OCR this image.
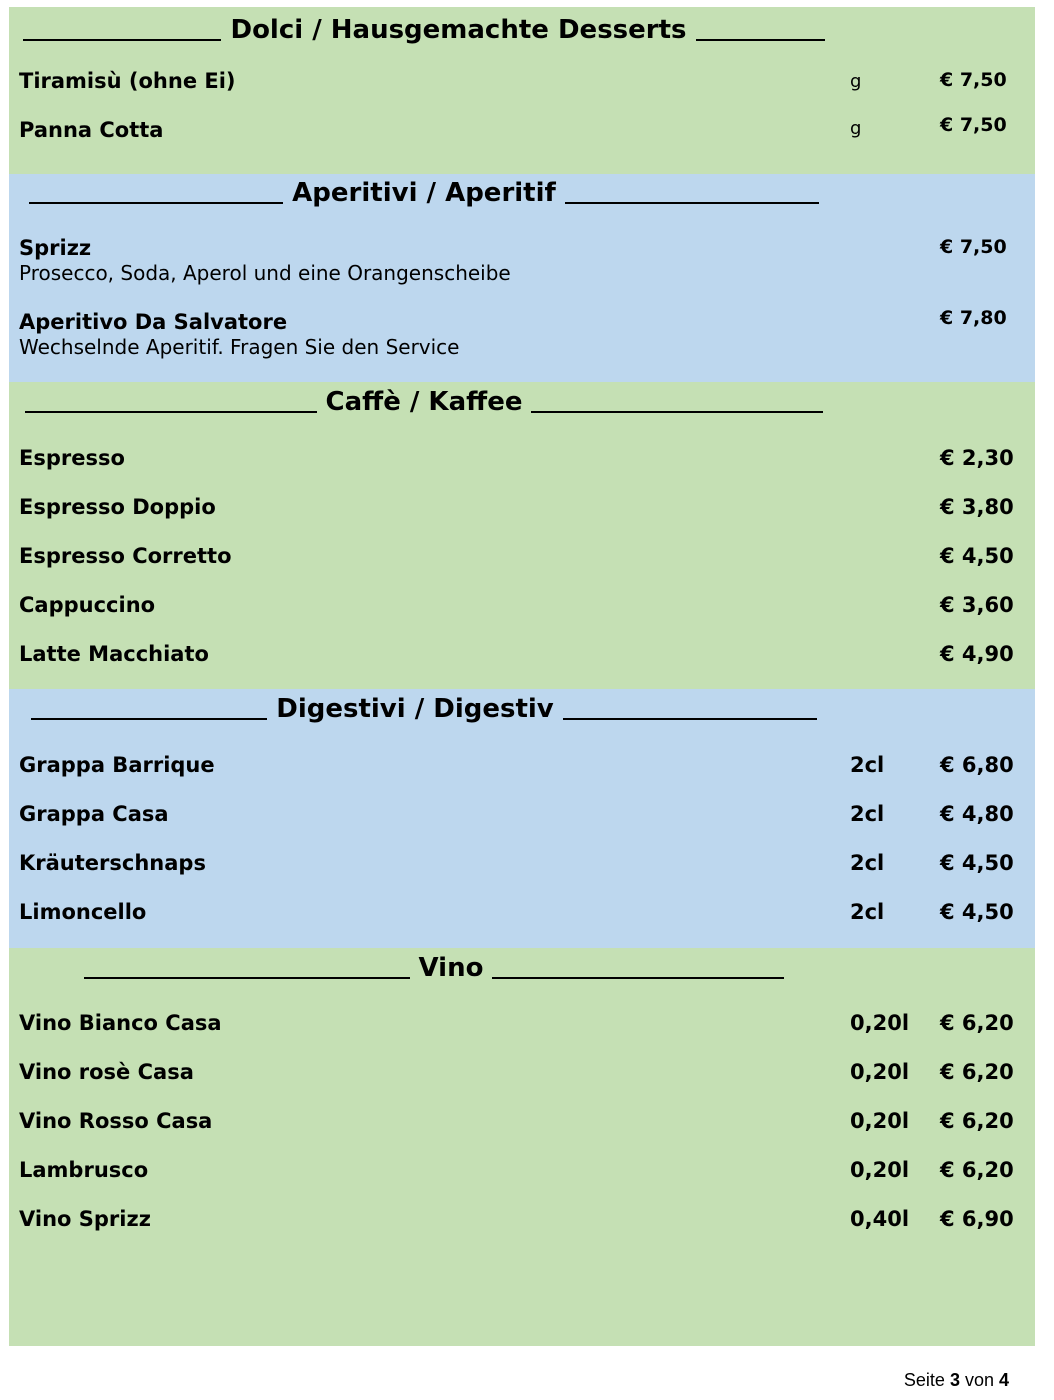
Dolci / Hausgemachte Desserts
Tiramisù (ohne Ei)	g	€ 7,50
Panna Cotta	g	€ 7,50
Aperitivi / Aperitif
Sprizz
Prosecco, Soda, Aperol und eine Orangenscheibe
€ 7,50
Aperitivo Da Salvatore
Wechselnde Aperitif. Fragen Sie den Service
€ 7,80
Caffè / Kaffee
Espresso	€ 2,30
Espresso Doppio	€ 3,80
Espresso Corretto	€ 4,50
Cappuccino	€ 3,60
Latte Macchiato	€ 4,90
Digestivi / Digestiv
Grappa Barrique	2cl	€ 6,80
Grappa Casa	2cl	€ 4,80
Kräuterschnaps	2cl	€ 4,50
Limoncello	2cl	€ 4,50
Vino
Vino Bianco Casa	0,20l € 6,20
Vino rosè Casa	0,20l € 6,20
Vino Rosso Casa	0,20l € 6,20
Lambrusco	0,20l € 6,20
Vino Sprizz	0,40l € 6,90
Seite 3 von 4
